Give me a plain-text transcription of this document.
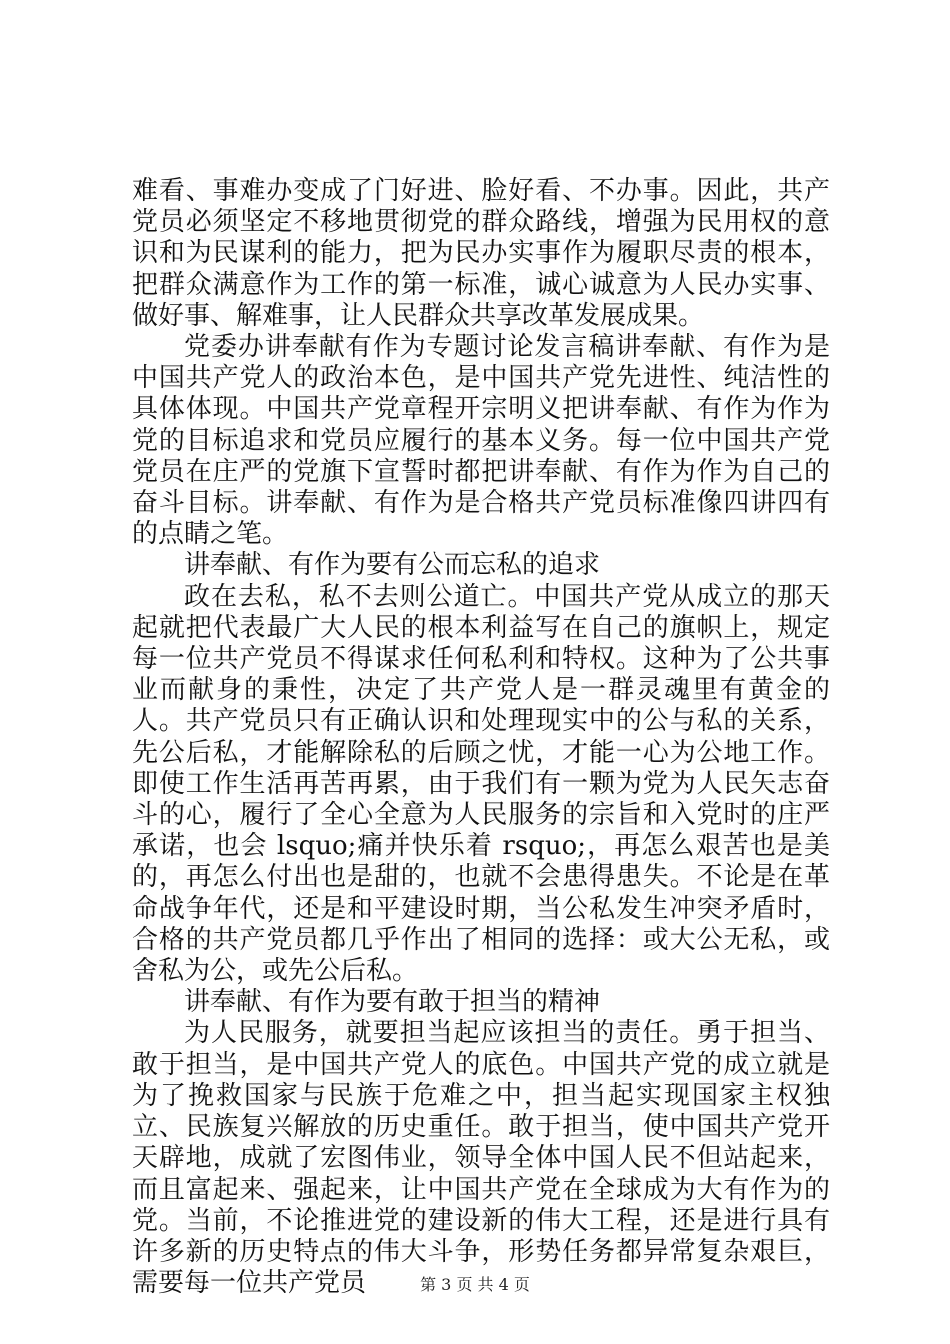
难看、事难办变成了门好进、脸好看、不办事。因此，共产党员必须坚定不移地贯彻党的群众路线，增强为民用权的意识和为民谋利的能力，把为民办实事作为履职尽责的根本，把群众满意作为工作的第一标准，诚心诚意为人民办实事、做好事、解难事，让人民群众共享改革发展成果。

党委办讲奉献有作为专题讨论发言稿讲奉献、有作为是中国共产党人的政治本色，是中国共产党先进性、纯洁性的具体体现。中国共产党章程开宗明义把讲奉献、有作为作为党的目标追求和党员应履行的基本义务。每一位中国共产党党员在庄严的党旗下宣誓时都把讲奉献、有作为作为自己的奋斗目标。讲奉献、有作为是合格共产党员标准像四讲四有的点睛之笔。

讲奉献、有作为要有公而忘私的追求

政在去私，私不去则公道亡。中国共产党从成立的那天起就把代表最广大人民的根本利益写在自己的旗帜上，规定每一位共产党员不得谋求任何私利和特权。这种为了公共事业而献身的秉性，决定了共产党人是一群灵魂里有黄金的人。共产党员只有正确认识和处理现实中的公与私的关系，先公后私，才能解除私的后顾之忧，才能一心为公地工作。即使工作生活再苦再累，由于我们有一颗为党为人民矢志奋斗的心，履行了全心全意为人民服务的宗旨和入党时的庄严承诺，也会 lsquo;痛并快乐着 rsquo;，再怎么艰苦也是美的，再怎么付出也是甜的，也就不会患得患失。不论是在革命战争年代，还是和平建设时期，当公私发生冲突矛盾时，合格的共产党员都几乎作出了相同的选择：或大公无私，或舍私为公，或先公后私。

讲奉献、有作为要有敢于担当的精神

为人民服务，就要担当起应该担当的责任。勇于担当、敢于担当，是中国共产党人的底色。中国共产党的成立就是为了挽救国家与民族于危难之中，担当起实现国家主权独立、民族复兴解放的历史重任。敢于担当，使中国共产党开天辟地，成就了宏图伟业，领导全体中国人民不但站起来，而且富起来、强起来，让中国共产党在全球成为大有作为的党。当前，不论推进党的建设新的伟大工程，还是进行具有许多新的历史特点的伟大斗争，形势任务都异常复杂艰巨，需要每一位共产党员	第 3 页 共 4 页
